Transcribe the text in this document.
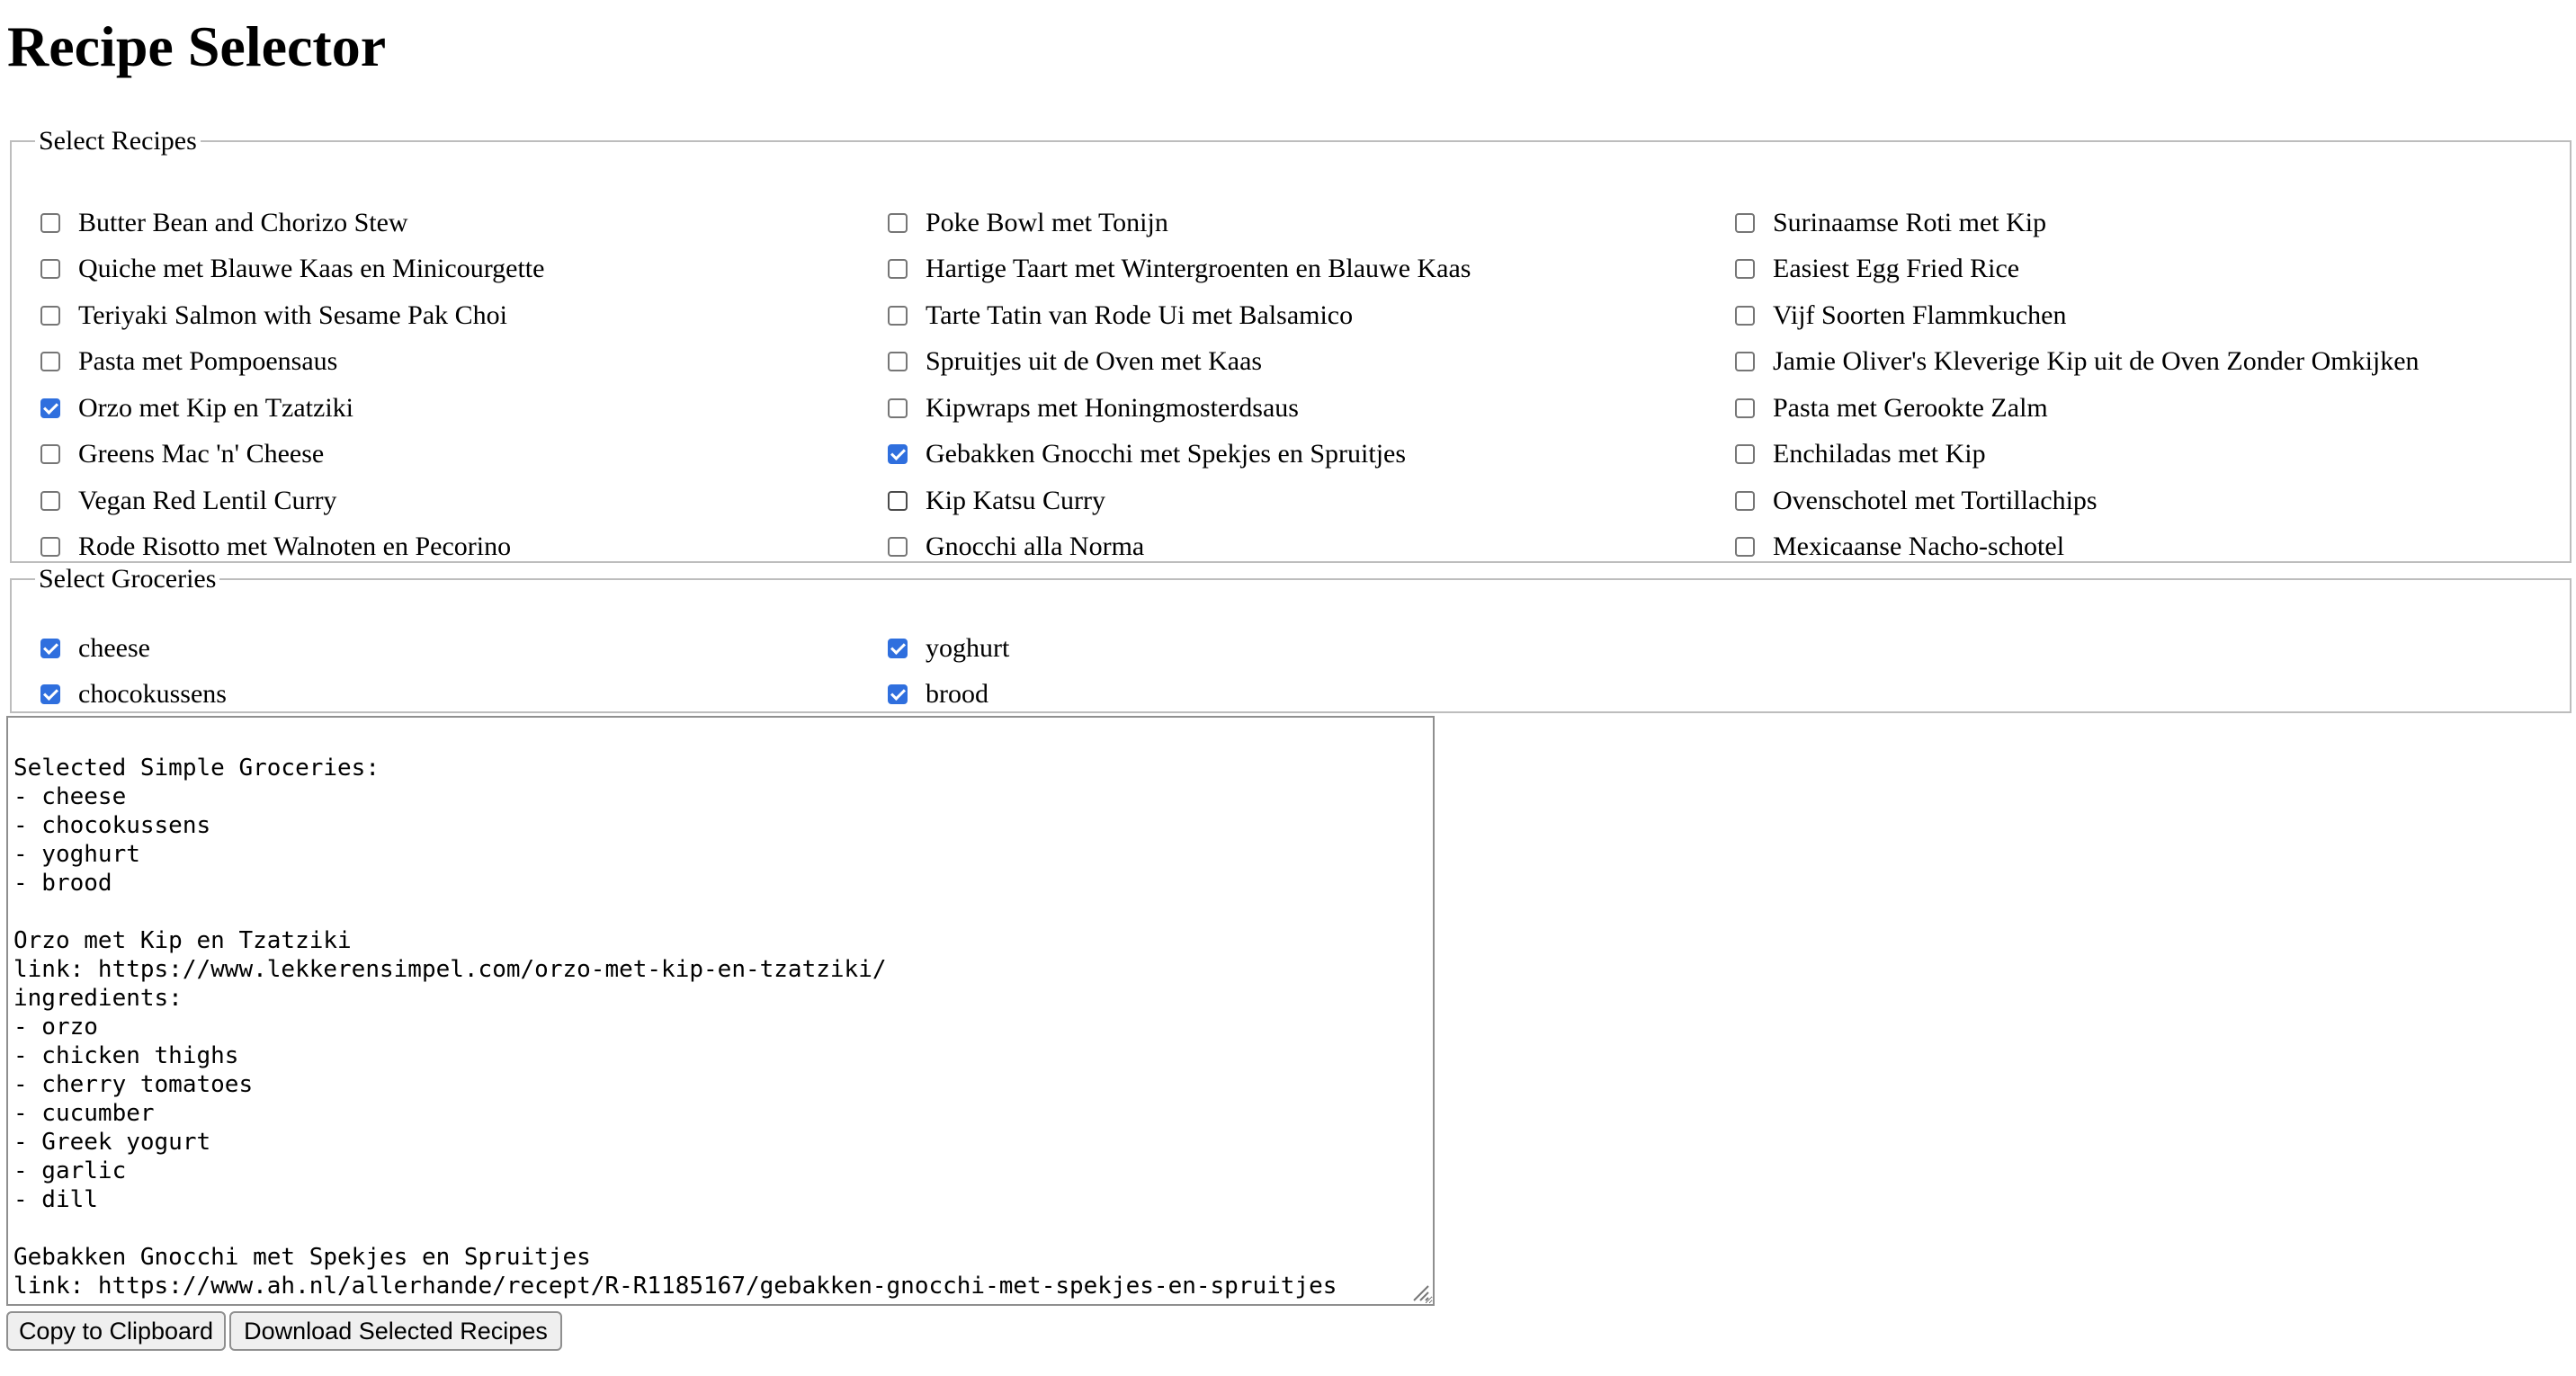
Recipe Selector
Select Recipes
Butter Bean and Chorizo Stew	Poke Bowl met Tonijn	Surinaamse Roti met Kip
Quiche met Blauwe Kaas en Minicourgette	Hartige Taart met Wintergroenten en Blauwe Kaas	Easiest Egg Fried Rice
Teriyaki Salmon with Sesame Pak Choi	Tarte Tatin van Rode Ui met Balsamico	Vijf Soorten Flammkuchen
Pasta met Pompoensaus	Spruitjes uit de Oven met Kaas	Jamie Oliver's Kleverige Kip uit de Oven Zonder Omkijken
Orzo met Kip en Tzatziki	Kipwraps met Honingmosterdsaus	Pasta met Gerookte Zalm
Greens Mac 'n' Cheese	Gebakken Gnocchi met Spekjes en Spruitjes	Enchiladas met Kip
Vegan Red Lentil Curry	Kip Katsu Curry	Ovenschotel met Tortillachips
Rode Risotto met Walnoten en Pecorino	Gnocchi alla Norma	Mexicaanse Nacho-schotel
Select Groceries
cheese	yoghurt
chocokussens	brood
Selected Simple Groceries: - cheese - chocokussens - yoghurt - brood Orzo met Kip en Tzatziki link: https://www.lekkerensimpel.com/orzo-met-kip-en-tzatziki/ ingredients: - orzo - chicken thighs - cherry tomatoes - cucumber - Greek yogurt - garlic - dill Gebakken Gnocchi met Spekjes en Spruitjes link: https://www.ah.nl/allerhande/recept/R-R1185167/gebakken-gnocchi-met-spekjes-en-spruitjes
Copy to Clipboard	Download Selected Recipes
